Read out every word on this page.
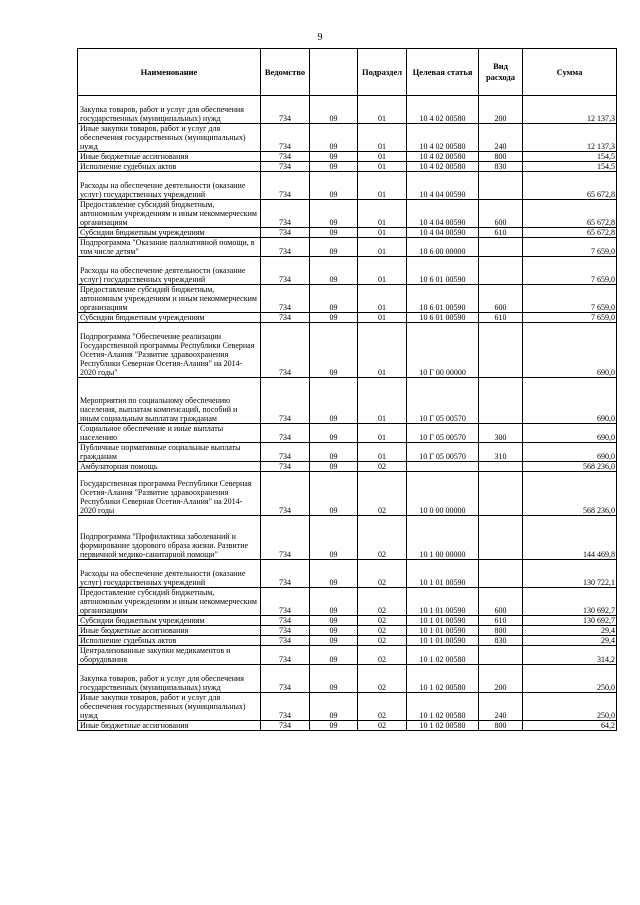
9
Наименование	Ведомство		Подраздел	Целевая статья	Вид расхода	Сумма
Закупка товаров, работ и услуг для обеспечения государственных (муниципальных) нужд	734	09	01	10 4 02 00580	200	12 137,3
Иные закупки товаров, работ и услуг для обеспечения государственных (муниципальных) нужд	734	09	01	10 4 02 00580	240	12 137,3
Иные бюджетные ассигнования	734	09	01	10 4 02 00580	800	154,5
Исполнение судебных актов	734	09	01	10 4 02 00580	830	154,5
Расходы на обеспечение деятельности (оказание услуг) государственных учреждений	734	09	01	10 4 04 00590		65 672,8
Предоставление субсидий бюджетным, автономным учреждениям и иным некоммерческим организациям	734	09	01	10 4 04 00590	600	65 672,8
Субсидии бюджетным учреждениям	734	09	01	10 4 04 00590	610	65 672,8
Подпрограмма "Оказание паллиативной помощи, в том числе детям"	734	09	01	10 6 00 00000		7 659,0
Расходы на обеспечение деятельности (оказание услуг) государственных учреждений	734	09	01	10 6 01 00590		7 659,0
Предоставление субсидий бюджетным, автономным учреждениям и иным некоммерческим организациям	734	09	01	10 6 01 00590	600	7 659,0
Субсидии бюджетным учреждениям	734	09	01	10 6 01 00590	610	7 659,0
Подпрограмма "Обеспечение реализации Государственной программы Республики Северная Осетия-Алания "Развитие здравоохранения Республики Северная Осетия-Алания" на 2014-2020 годы"	734	09	01	10 Г 00 00000		690,0
Мероприятия по социальному обеспечению населения, выплатам компенсаций, пособий и иным социальным выплатам гражданам	734	09	01	10 Г 05 00570		690,0
Социальное обеспечение и иные выплаты населению	734	09	01	10 Г 05 00570	300	690,0
Публичные нормативные социальные выплаты гражданам	734	09	01	10 Г 05 00570	310	690,0
Амбулаторная помощь	734	09	02			568 236,0
Государственная программа Республики Северная Осетия-Алания "Развитие здравоохранения Республики Северная Осетия-Алания" на 2014-2020 годы	734	09	02	10 0 00 00000		568 236,0
Подпрограмма "Профилактика заболеваний и формирование здорового образа жизни. Развитие первичной медико-санитарной помощи"	734	09	02	10 1 00 00000		144 469,8
Расходы на обеспечение деятельности (оказание услуг) государственных учреждений	734	09	02	10 1 01 00590		130 722,1
Предоставление субсидий бюджетным, автономным учреждениям и иным некоммерческим организациям	734	09	02	10 1 01 00590	600	130 692,7
Субсидии бюджетным учреждениям	734	09	02	10 1 01 00590	610	130 692,7
Иные бюджетные ассигнования	734	09	02	10 1 01 00590	800	29,4
Исполнение судебных актов	734	09	02	10 1 01 00590	830	29,4
Централизованные закупки медикаментов и оборудования	734	09	02	10 1 02 00580		314,2
Закупка товаров, работ и услуг для обеспечения государственных (муниципальных) нужд	734	09	02	10 1 02 00580	200	250,0
Иные закупки товаров, работ и услуг для обеспечения государственных (муниципальных) нужд	734	09	02	10 1 02 00580	240	250,0
Иные бюджетные ассигнования	734	09	02	10 1 02 00580	800	64,2
